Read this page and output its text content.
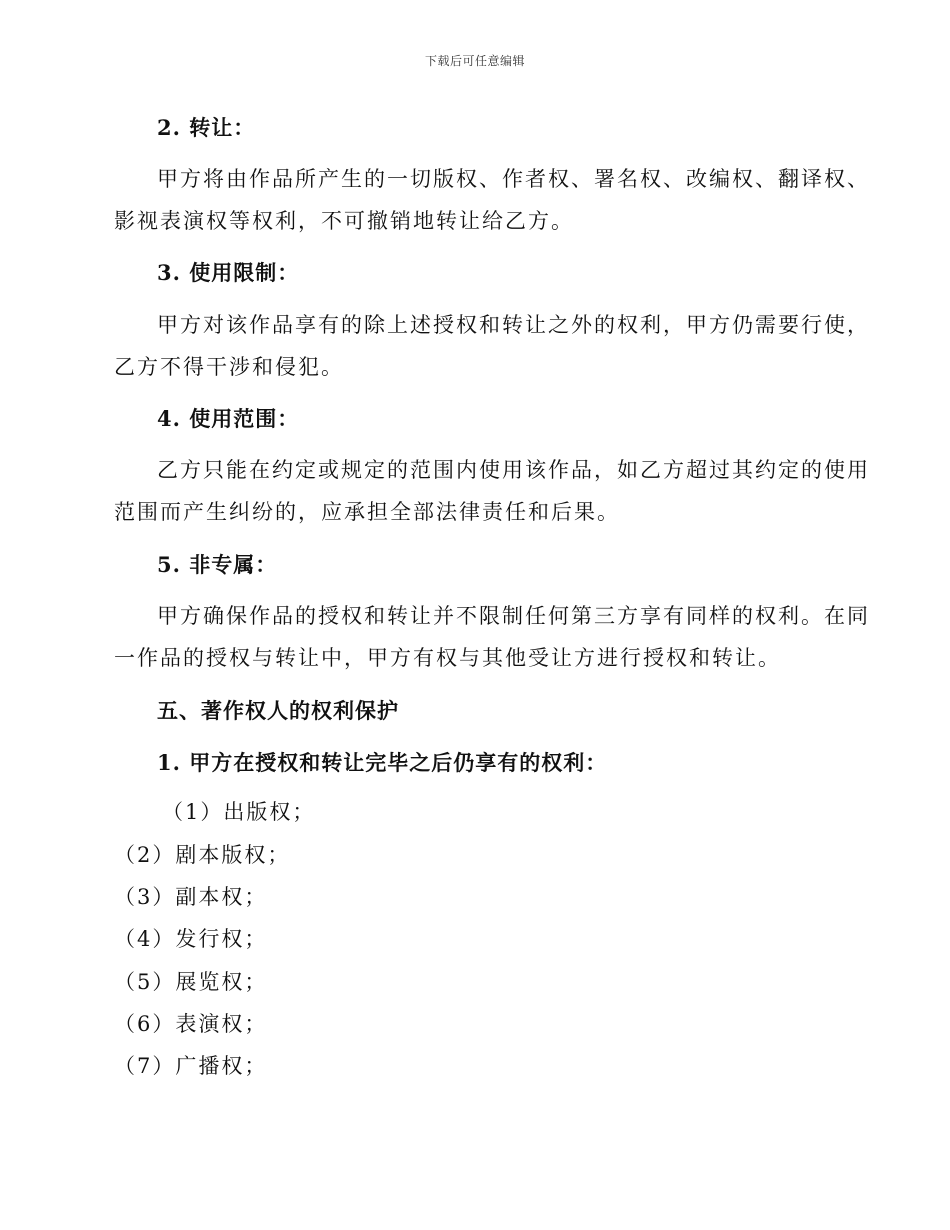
下载后可任意编辑
2. 转让：
甲方将由作品所产生的一切版权、作者权、署名权、改编权、翻译权、
影视表演权等权利，不可撤销地转让给乙方。
3. 使用限制：
甲方对该作品享有的除上述授权和转让之外的权利，甲方仍需要行使，
乙方不得干涉和侵犯。
4. 使用范围：
乙方只能在约定或规定的范围内使用该作品，如乙方超过其约定的使用
范围而产生纠纷的，应承担全部法律责任和后果。
5. 非专属：
甲方确保作品的授权和转让并不限制任何第三方享有同样的权利。在同
一作品的授权与转让中，甲方有权与其他受让方进行授权和转让。
五、著作权人的权利保护
1. 甲方在授权和转让完毕之后仍享有的权利：
（1）出版权；
（2）剧本版权；
（3）副本权；
（4）发行权；
（5）展览权；
（6）表演权；
（7）广播权；
